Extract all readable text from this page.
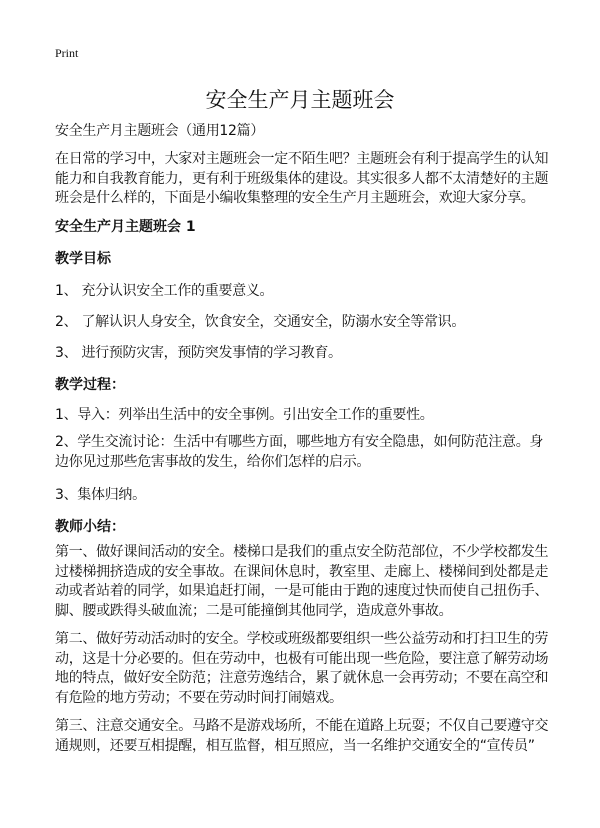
Print
安全生产月主题班会
安全生产月主题班会（通用12篇）
在日常的学习中，大家对主题班会一定不陌生吧？主题班会有利于提高学生的认知
能力和自我教育能力，更有利于班级集体的建设。其实很多人都不太清楚好的主题
班会是什么样的，下面是小编收集整理的安全生产月主题班会，欢迎大家分享。
安全生产月主题班会 1
教学目标
1、 充分认识安全工作的重要意义。
2、 了解认识人身安全，饮食安全，交通安全，防溺水安全等常识。
3、 进行预防灾害，预防突发事情的学习教育。
教学过程：
1、导入：列举出生活中的安全事例。引出安全工作的重要性。
2、学生交流讨论：生活中有哪些方面，哪些地方有安全隐患，如何防范注意。身
边你见过那些危害事故的发生，给你们怎样的启示。
3、集体归纳。
教师小结：
第一、做好课间活动的安全。楼梯口是我们的重点安全防范部位，不少学校都发生
过楼梯拥挤造成的安全事故。在课间休息时，教室里、走廊上、楼梯间到处都是走
动或者站着的同学，如果追赶打闹，一是可能由于跑的速度过快而使自己扭伤手、
脚、腰或跌得头破血流；二是可能撞倒其他同学，造成意外事故。
第二、做好劳动活动时的安全。学校或班级都要组织一些公益劳动和打扫卫生的劳
动，这是十分必要的。但在劳动中，也极有可能出现一些危险，要注意了解劳动场
地的特点，做好安全防范；注意劳逸结合，累了就休息一会再劳动；不要在高空和
有危险的地方劳动；不要在劳动时间打闹嬉戏。
第三、注意交通安全。马路不是游戏场所，不能在道路上玩耍；不仅自己要遵守交
通规则，还要互相提醒，相互监督，相互照应，当一名维护交通安全的“宣传员”
